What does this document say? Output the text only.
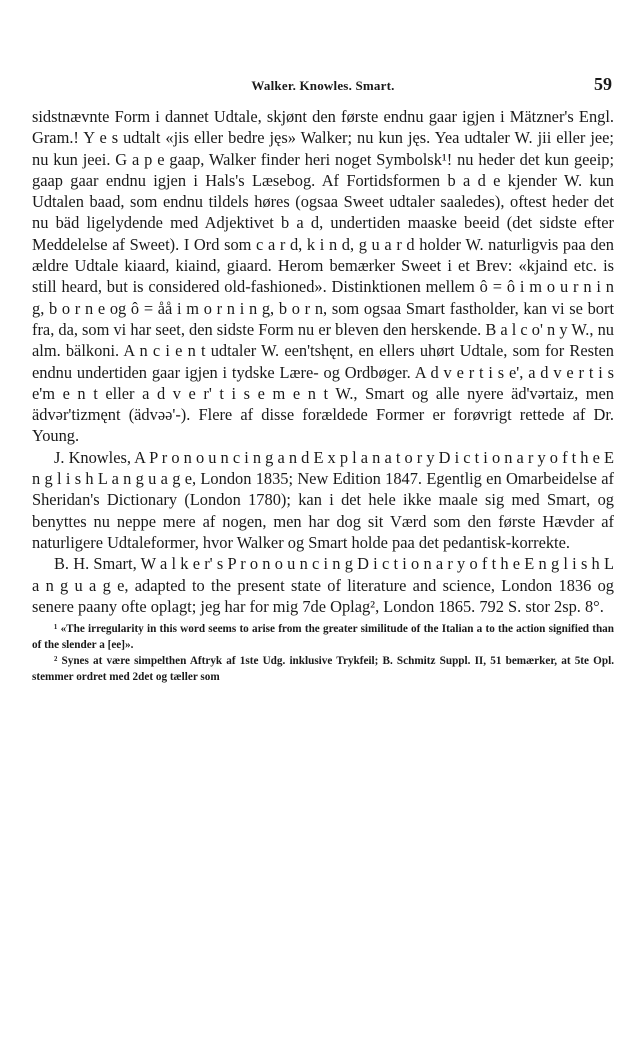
Walker. Knowles. Smart.	59

sidstnævnte Form i dannet Udtale, skjønt den første endnu gaar igjen i Mätzner's Engl. Gram.! Y e s udtalt «jis eller bedre jęs» Walker; nu kun jęs. Yea udtaler W. jii eller jee; nu kun jeei. G a p e gaap, Walker finder heri noget Symbolsk¹! nu heder det kun geeip; gaap gaar endnu igjen i Hals's Læsebog. Af Fortidsformen b a d e kjender W. kun Udtalen baad, som endnu tildels høres (ogsaa Sweet udtaler saaledes), oftest heder det nu bäd ligelydende med Adjektivet b a d, undertiden maaske beeid (det sidste efter Meddelelse af Sweet). I Ord som c a r d, k i n d, g u a r d holder W. naturligvis paa den ældre Udtale kiaard, kiaind, giaard. Herom bemærker Sweet i et Brev: «kjaind etc. is still heard, but is considered old-fashioned». Distinktionen mellem ô = ô i m o u r n i n g, b o r n e og ô = åå i m o r n i n g, b o r n, som ogsaa Smart fastholder, kan vi se bort fra, da, som vi har seet, den sidste Form nu er bleven den herskende. B a l c o' n y W., nu alm. bälkoni. A n c i e n t udtaler W. een'tshęnt, en ellers uhørt Udtale, som for Resten endnu undertiden gaar igjen i tydske Lære- og Ordbøger. A d v e r t i s e', a d v e r t i s e'm e n t eller a d v e r' t i s e m e n t W., Smart og alle nyere äd'vərtaiz, men ädvər'tizmęnt (ädvəə'-). Flere af disse forældede Former er forøvrigt rettede af Dr. Young.

J. Knowles, A P r o n o u n c i n g a n d E x p l a n a t o r y D i c t i o n a r y o f t h e E n g l i s h L a n g u a g e, London 1835; New Edition 1847. Egentlig en Omarbeidelse af Sheridan's Dictionary (London 1780); kan i det hele ikke maale sig med Smart, og benyttes nu neppe mere af nogen, men har dog sit Værd som den første Hævder af naturligere Udtaleformer, hvor Walker og Smart holde paa det pedantisk-korrekte.

B. H. Smart, W a l k e r' s P r o n o u n c i n g D i c t i o n a r y o f t h e E n g l i s h L a n g u a g e, adapted to the present state of literature and science, London 1836 og senere paany ofte oplagt; jeg har for mig 7de Oplag², London 1865. 792 S. stor 2sp. 8°.

¹ «The irregularity in this word seems to arise from the greater similitude of the Italian a to the action signified than of the slender a [ee]».

² Synes at være simpelthen Aftryk af 1ste Udg. inklusive Trykfeil; B. Schmitz Suppl. II, 51 bemærker, at 5te Opl. stemmer ordret med 2det og tæller som
